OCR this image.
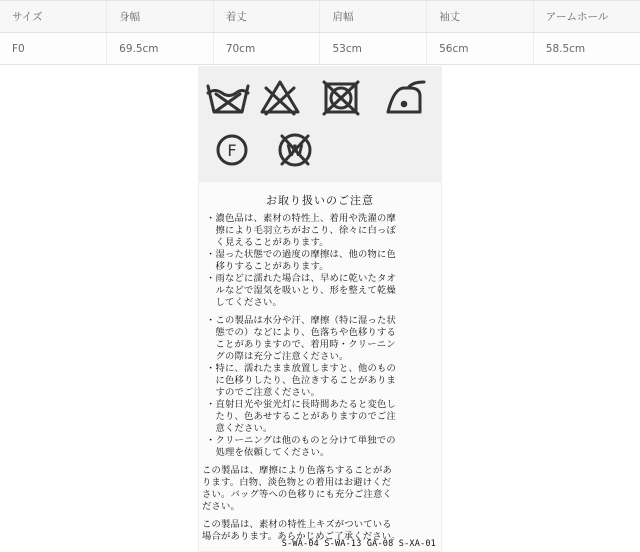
サイズ	身幅	着丈	肩幅	袖丈	アームホール
F0	69.5cm	70cm	53cm	56cm	58.5cm
W
F
お取り扱いのご注意
・濃色品は、素材の特性上、着用や洗濯の摩
　擦により毛羽立ちがおこり、徐々に白っぽ
　く見えることがあります。
・湿った状態での過度の摩擦は、他の物に色
　移りすることがあります。
・雨などに濡れた場合は、早めに乾いたタオ
　ルなどで湿気を吸いとり、形を整えて乾燥
　してください。
・この製品は水分や汗、摩擦（特に湿った状
　態での）などにより、色落ちや色移りする
　ことがありますので、着用時・クリーニン
　グの際は充分ご注意ください。
・特に、濡れたまま放置しますと、他のもの
　に色移りしたり、色泣きすることがありま
　すのでご注意ください。
・直射日光や蛍光灯に長時間あたると変色し
　たり、色あせすることがありますのでご注
　意ください。
・クリーニングは他のものと分けて単独での
　処理を依頼してください。
この製品は、摩擦により色落ちすることがあ
ります。白物、淡色物との着用はお避けくだ
さい。バッグ等への色移りにも充分ご注意く
ださい。
この製品は、素材の特性上キズがついている
場合があります。あらかじめご了承ください。
S-WA-04 S-WA-13 GA-08 S-XA-01
